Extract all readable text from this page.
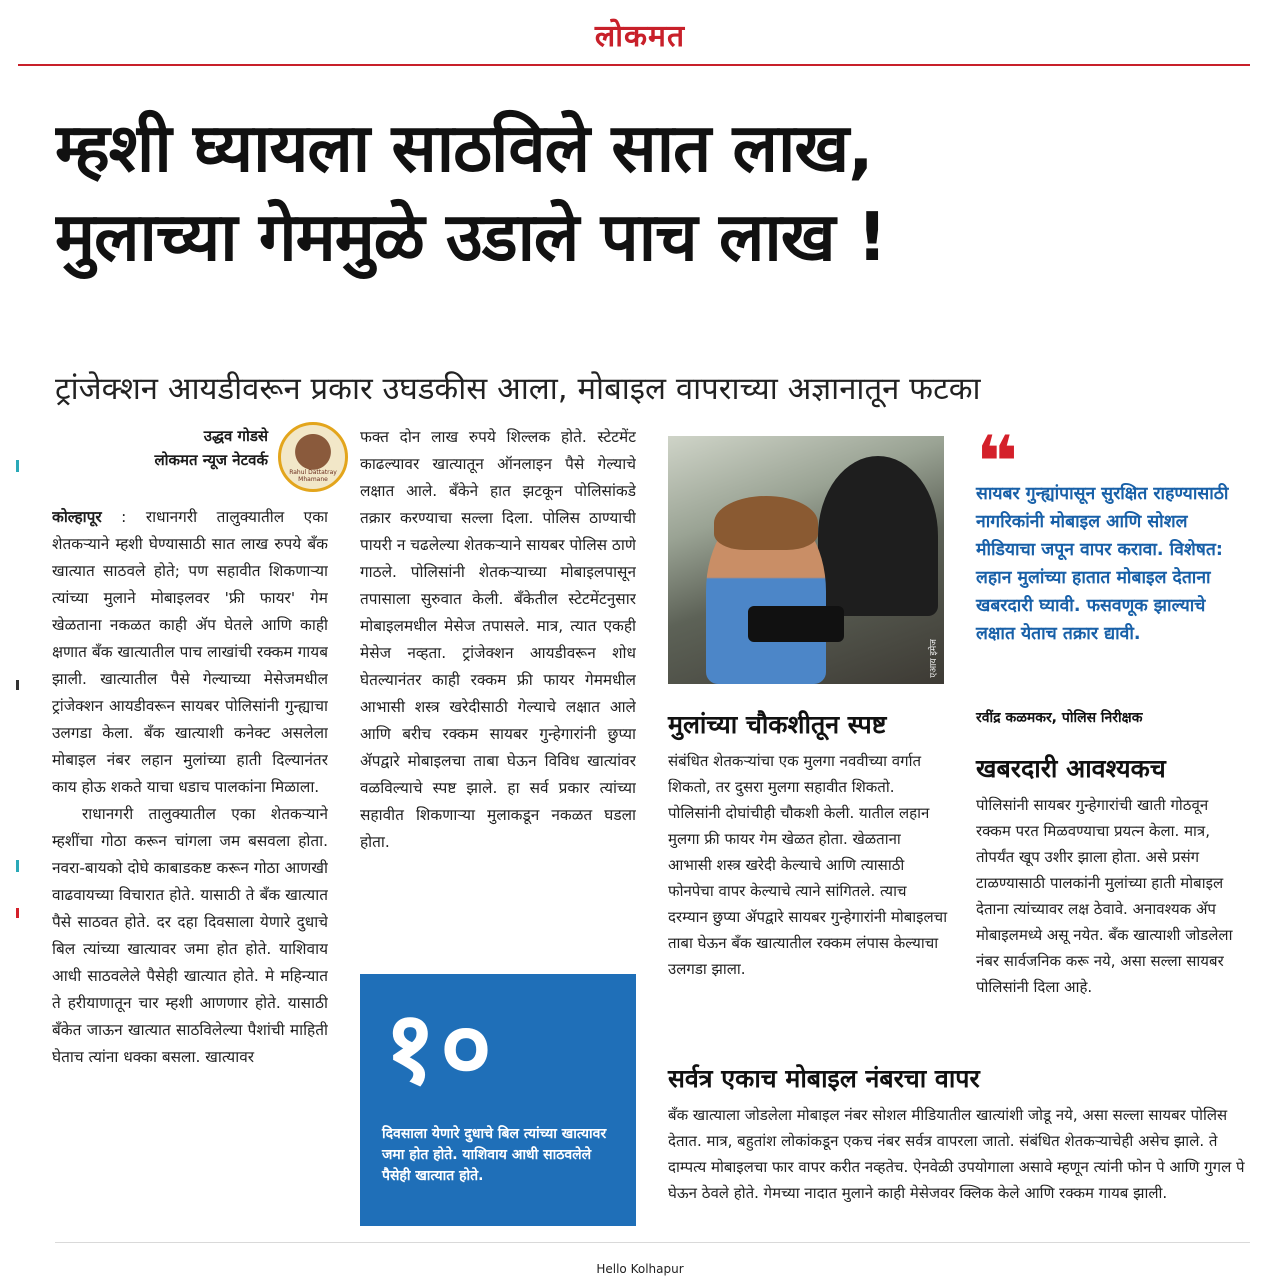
लोकमत
म्हशी घ्यायला साठविले सात लाख,
मुलाच्या गेममुळे उडाले पाच लाख !
ट्रांजेक्शन आयडीवरून प्रकार उघडकीस आला, मोबाइल वापराच्या अज्ञानातून फटका
उद्धव गोडसे
लोकमत न्यूज नेटवर्क
Rahul Dattatray Mhamane

कोल्हापूर : राधानगरी तालुक्यातील एका शेतकऱ्याने म्हशी घेण्यासाठी सात लाख रुपये बँक खात्यात साठवले होते; पण सहावीत शिकणाऱ्या त्यांच्या मुलाने मोबाइलवर 'फ्री फायर' गेम खेळताना नकळत काही ॲप घेतले आणि काही क्षणात बँक खात्यातील पाच लाखांची रक्कम गायब झाली. खात्यातील पैसे गेल्याच्या मेसेजमधील ट्रांजेक्शन आयडीवरून सायबर पोलिसांनी गुन्ह्याचा उलगडा केला. बँक खात्याशी कनेक्ट असलेला मोबाइल नंबर लहान मुलांच्या हाती दिल्यानंतर काय होऊ शकते याचा धडाच पालकांना मिळाला.

राधानगरी तालुक्यातील एका शेतकऱ्याने म्हशींचा गोठा करून चांगला जम बसवला होता. नवरा-बायको दोघे काबाडकष्ट करून गोठा आणखी वाढवायच्या विचारात होते. यासाठी ते बँक खात्यात पैसे साठवत होते. दर दहा दिवसाला येणारे दुधाचे बिल त्यांच्या खात्यावर जमा होत होते. याशिवाय आधी साठवलेले पैसेही खात्यात होते. मे महिन्यात ते हरीयाणातून चार म्हशी आणणार होते. यासाठी बँकेत जाऊन खात्यात साठविलेल्या पैशांची माहिती घेताच त्यांना धक्का बसला. खात्यावर

फक्त दोन लाख रुपये शिल्लक होते. स्टेटमेंट काढल्यावर खात्यातून ऑनलाइन पैसे गेल्याचे लक्षात आले. बँकेने हात झटकून पोलिसांकडे तक्रार करण्याचा सल्ला दिला. पोलिस ठाण्याची पायरी न चढलेल्या शेतकऱ्याने सायबर पोलिस ठाणे गाठले. पोलिसांनी शेतकऱ्याच्या मोबाइलपासून तपासाला सुरुवात केली. बँकेतील स्टेटमेंटनुसार मोबाइलमधील मेसेज तपासले. मात्र, त्यात एकही मेसेज नव्हता. ट्रांजेक्शन आयडीवरून शोध घेतल्यानंतर काही रक्कम फ्री फायर गेममधील आभासी शस्त्र खरेदीसाठी गेल्याचे लक्षात आले आणि बरीच रक्कम सायबर गुन्हेगारांनी छुप्या ॲपद्वारे मोबाइलचा ताबा घेऊन विविध खात्यांवर वळविल्याचे स्पष्ट झाले. हा सर्व प्रकार त्यांच्या सहावीत शिकणाऱ्या मुलाकडून नकळत घडला होता.

१०
दिवसाला येणारे दुधाचे बिल त्यांच्या खात्यावर जमा होत होते. याशिवाय आधी साठवलेले पैसेही खात्यात होते.
एआय इमेज
मुलांच्या चौकशीतून स्पष्ट
संबंधित शेतकऱ्यांचा एक मुलगा नववीच्या वर्गात शिकतो, तर दुसरा मुलगा सहावीत शिकतो. पोलिसांनी दोघांचीही चौकशी केली. यातील लहान मुलगा फ्री फायर गेम खेळत होता. खेळताना आभासी शस्त्र खरेदी केल्याचे आणि त्यासाठी फोनपेचा वापर केल्याचे त्याने सांगितले. त्याच दरम्यान छुप्या ॲपद्वारे सायबर गुन्हेगारांनी मोबाइलचा ताबा घेऊन बँक खात्यातील रक्कम लंपास केल्याचा उलगडा झाला.
❝
सायबर गुन्ह्यांपासून सुरक्षित राहण्यासाठी नागरिकांनी मोबाइल आणि सोशल मीडियाचा जपून वापर करावा. विशेषत: लहान मुलांच्या हातात मोबाइल देताना खबरदारी घ्यावी. फसवणूक झाल्याचे लक्षात येताच तक्रार द्यावी.
रवींद्र कळमकर, पोलिस निरीक्षक
खबरदारी आवश्यकच
पोलिसांनी सायबर गुन्हेगारांची खाती गोठवून रक्कम परत मिळवण्याचा प्रयत्न केला. मात्र, तोपर्यंत खूप उशीर झाला होता. असे प्रसंग टाळण्यासाठी पालकांनी मुलांच्या हाती मोबाइल देताना त्यांच्यावर लक्ष ठेवावे. अनावश्यक ॲप मोबाइलमध्ये असू नयेत. बँक खात्याशी जोडलेला नंबर सार्वजनिक करू नये, असा सल्ला सायबर पोलिसांनी दिला आहे.
सर्वत्र एकाच मोबाइल नंबरचा वापर
बँक खात्याला जोडलेला मोबाइल नंबर सोशल मीडियातील खात्यांशी जोडू नये, असा सल्ला सायबर पोलिस देतात. मात्र, बहुतांश लोकांकडून एकच नंबर सर्वत्र वापरला जातो. संबंधित शेतकऱ्याचेही असेच झाले. ते दाम्पत्य मोबाइलचा फार वापर करीत नव्हतेच. ऐनवेळी उपयोगाला असावे म्हणून त्यांनी फोन पे आणि गुगल पे घेऊन ठेवले होते. गेमच्या नादात मुलाने काही मेसेजवर क्लिक केले आणि रक्कम गायब झाली.
Hello Kolhapur
